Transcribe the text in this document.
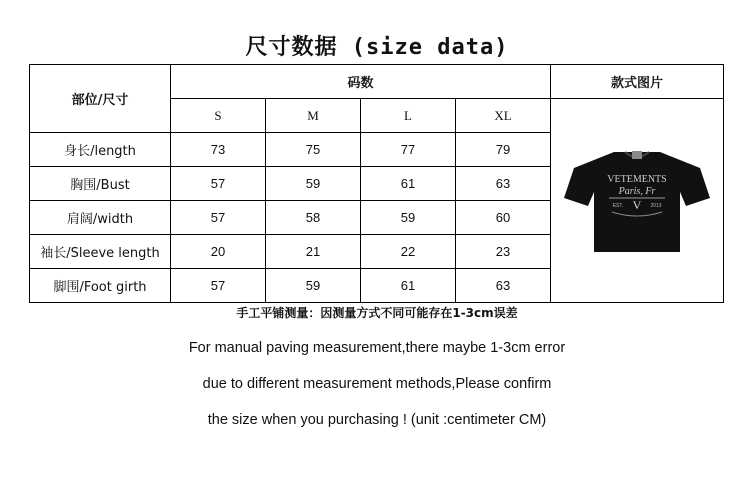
尺寸数据 (size data)
部位/尺寸	码数				款式图片
	S	M	L	XL	VETEMENTS
Paris, Fr
EST. V 2013

身长/length	73	75	77	79	
胸围/Bust	57	59	61	63	
肩阔/width	57	58	59	60	
袖长/Sleeve length	20	21	22	23	
脚围/Foot girth	57	59	61	63	
手工平铺测量：因测量方式不同可能存在1-3cm误差
For manual paving measurement,there maybe 1-3cm error
due to different measurement methods,Please confirm
the size when you purchasing ! (unit :centimeter CM)
